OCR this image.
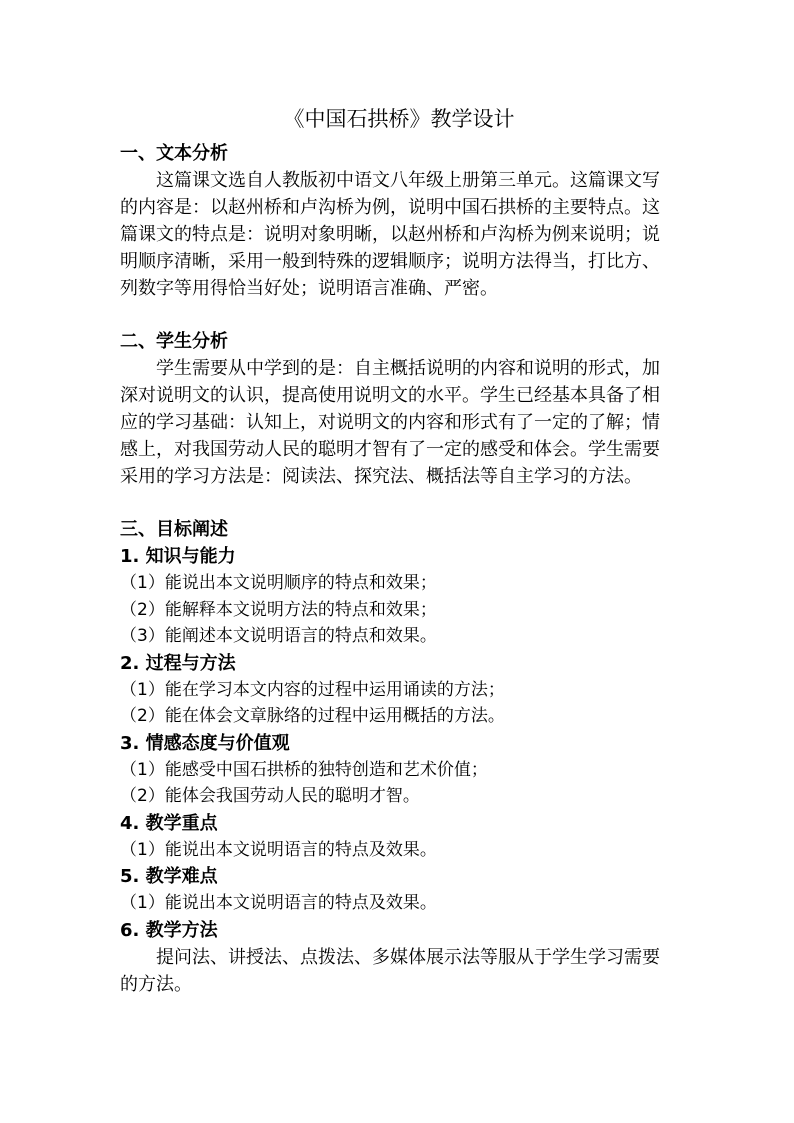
《中国石拱桥》教学设计
一、文本分析
这篇课文选自人教版初中语文八年级上册第三单元。这篇课文写
的内容是：以赵州桥和卢沟桥为例，说明中国石拱桥的主要特点。这
篇课文的特点是：说明对象明晰，以赵州桥和卢沟桥为例来说明；说
明顺序清晰，采用一般到特殊的逻辑顺序；说明方法得当，打比方、
列数字等用得恰当好处；说明语言准确、严密。
二、学生分析
学生需要从中学到的是：自主概括说明的内容和说明的形式，加
深对说明文的认识，提高使用说明文的水平。学生已经基本具备了相
应的学习基础：认知上，对说明文的内容和形式有了一定的了解；情
感上，对我国劳动人民的聪明才智有了一定的感受和体会。学生需要
采用的学习方法是：阅读法、探究法、概括法等自主学习的方法。
三、目标阐述
1. 知识与能力
（1）能说出本文说明顺序的特点和效果；
（2）能解释本文说明方法的特点和效果；
（3）能阐述本文说明语言的特点和效果。
2. 过程与方法
（1）能在学习本文内容的过程中运用诵读的方法；
（2）能在体会文章脉络的过程中运用概括的方法。
3. 情感态度与价值观
（1）能感受中国石拱桥的独特创造和艺术价值；
（2）能体会我国劳动人民的聪明才智。
4. 教学重点
（1）能说出本文说明语言的特点及效果。
5. 教学难点
（1）能说出本文说明语言的特点及效果。
6. 教学方法
提问法、讲授法、点拨法、多媒体展示法等服从于学生学习需要
的方法。
